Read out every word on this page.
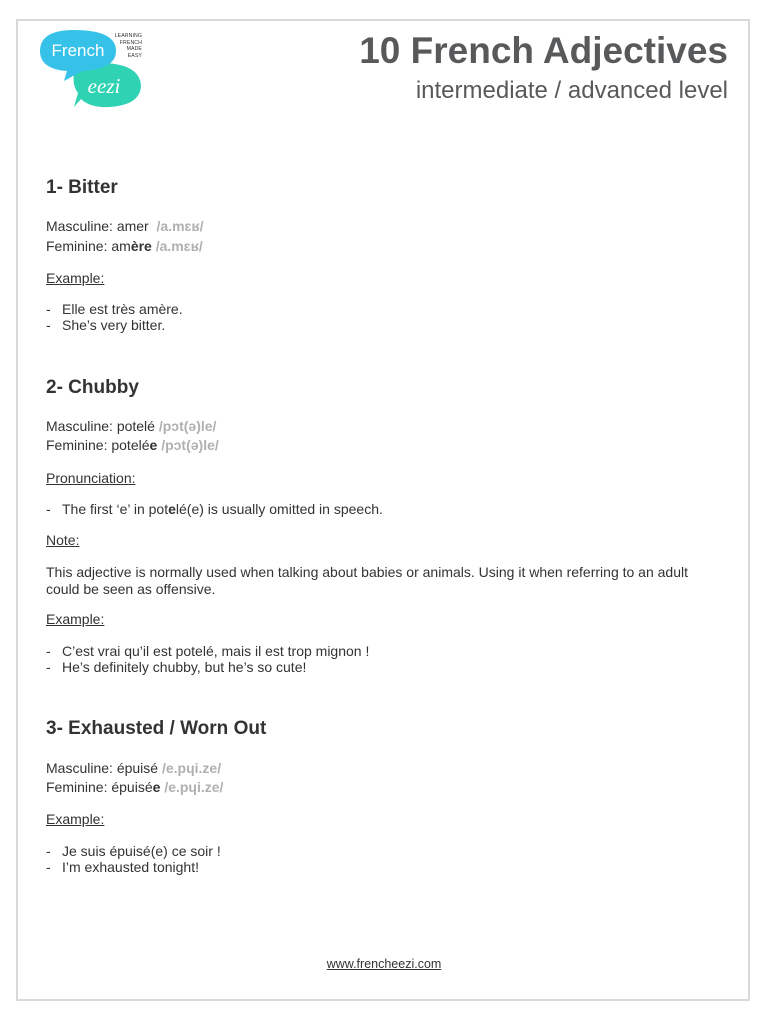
French
eezi
LEARNING
FRENCH
MADE
EASY	10 French Adjectives
intermediate / advanced level
1- Bitter
Masculine: amer /a.mɛʁ/
Feminine: amère /a.mɛʁ/
Example:
- Elle est très amère.
- She’s very bitter.
2- Chubby
Masculine: potelé /pɔt(ə)le/
Feminine: potelée /pɔt(ə)le/
Pronunciation:
- The first ‘e’ in potelé(e) is usually omitted in speech.
Note:
This adjective is normally used when talking about babies or animals. Using it when referring to an adult could be seen as offensive.
Example:
- C’est vrai qu’il est potelé, mais il est trop mignon !
- He’s definitely chubby, but he’s so cute!
3- Exhausted / Worn Out
Masculine: épuisé /e.pɥi.ze/
Feminine: épuisée /e.pɥi.ze/
Example:
- Je suis épuisé(e) ce soir !
- I’m exhausted tonight!
www.frencheezi.com
